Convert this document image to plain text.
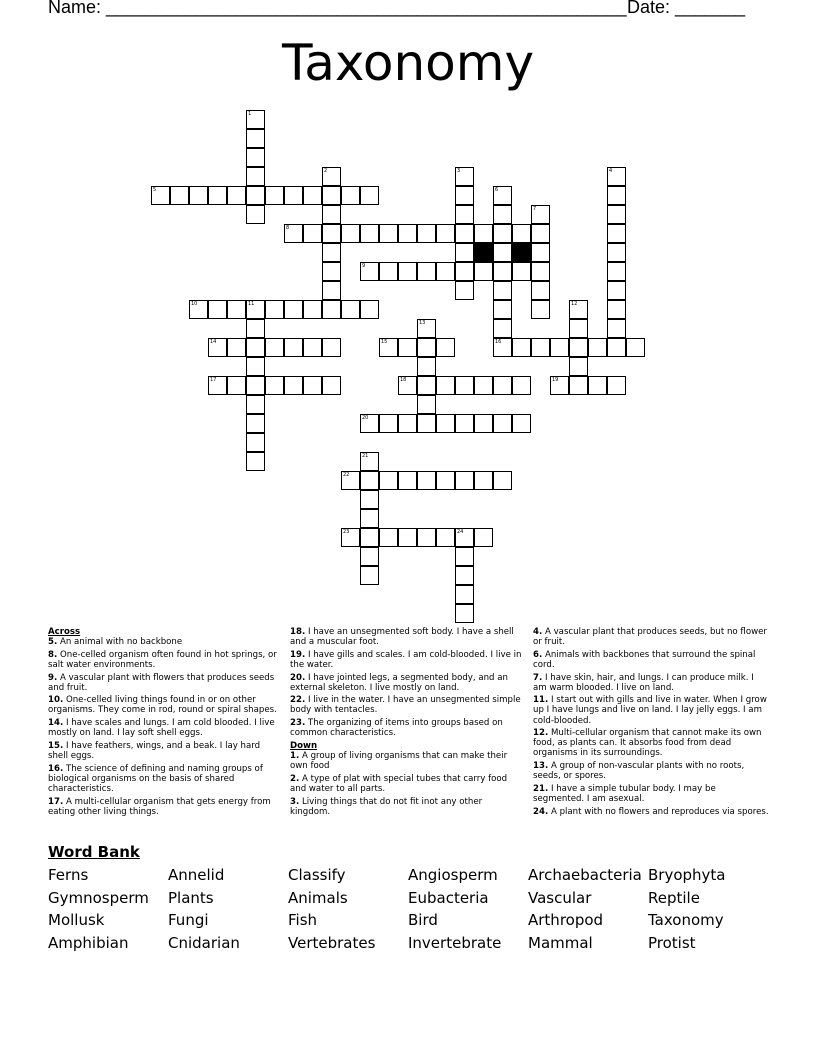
Name: ____________________________________________________ Date: _______
Taxonomy
1
2	3	4
5	6
16
7
8
9
10	11	12
13
14	15
17	18	19
20
21
22
23	24

Across

5. An animal with no backbone

8. One-celled organism often found in hot springs, or salt water environments.

9. A vascular plant with flowers that produces seeds and fruit.

10. One-celled living things found in or on other organisms. They come in rod, round or spiral shapes.

14. I have scales and lungs. I am cold blooded. I live mostly on land. I lay soft shell eggs.

15. I have feathers, wings, and a beak. I lay hard shell eggs.

16. The science of defining and naming groups of biological organisms on the basis of shared characteristics.

17. A multi-cellular organism that gets energy from eating other living things.

18. I have an unsegmented soft body. I have a shell and a muscular foot.

19. I have gills and scales. I am cold-blooded. I live in the water.

20. I have jointed legs, a segmented body, and an external skeleton. I live mostly on land.

22. I live in the water. I have an unsegmented simple body with tentacles.

23. The organizing of items into groups based on common characteristics.

Down

1. A group of living organisms that can make their own food

2. A type of plat with special tubes that carry food and water to all parts.

3. Living things that do not fit inot any other kingdom.

4. A vascular plant that produces seeds, but no flower or fruit.

6. Animals with backbones that surround the spinal cord.

7. I have skin, hair, and lungs. I can produce milk. I am warm blooded. I live on land.

11. I start out with gills and live in water. When I grow up I have lungs and live on land. I lay jelly eggs. I am cold-blooded.

12. Multi-cellular organism that cannot make its own food, as plants can. It absorbs food from dead organisms in its surroundings.

13. A group of non-vascular plants with no roots, seeds, or spores.

21. I have a simple tubular body. I may be segmented. I am asexual.

24. A plant with no flowers and reproduces via spores.

Word Bank
Ferns	Annelid	Classify	Angiosperm Archaebacteria Bryophyta
Gymnosperm Plants	Animals	Eubacteria	Vascular	Reptile
Mollusk	Fungi	Fish	Bird	Arthropod	Taxonomy
Amphibian	Cnidarian	Vertebrates Invertebrate Mammal	Protist
